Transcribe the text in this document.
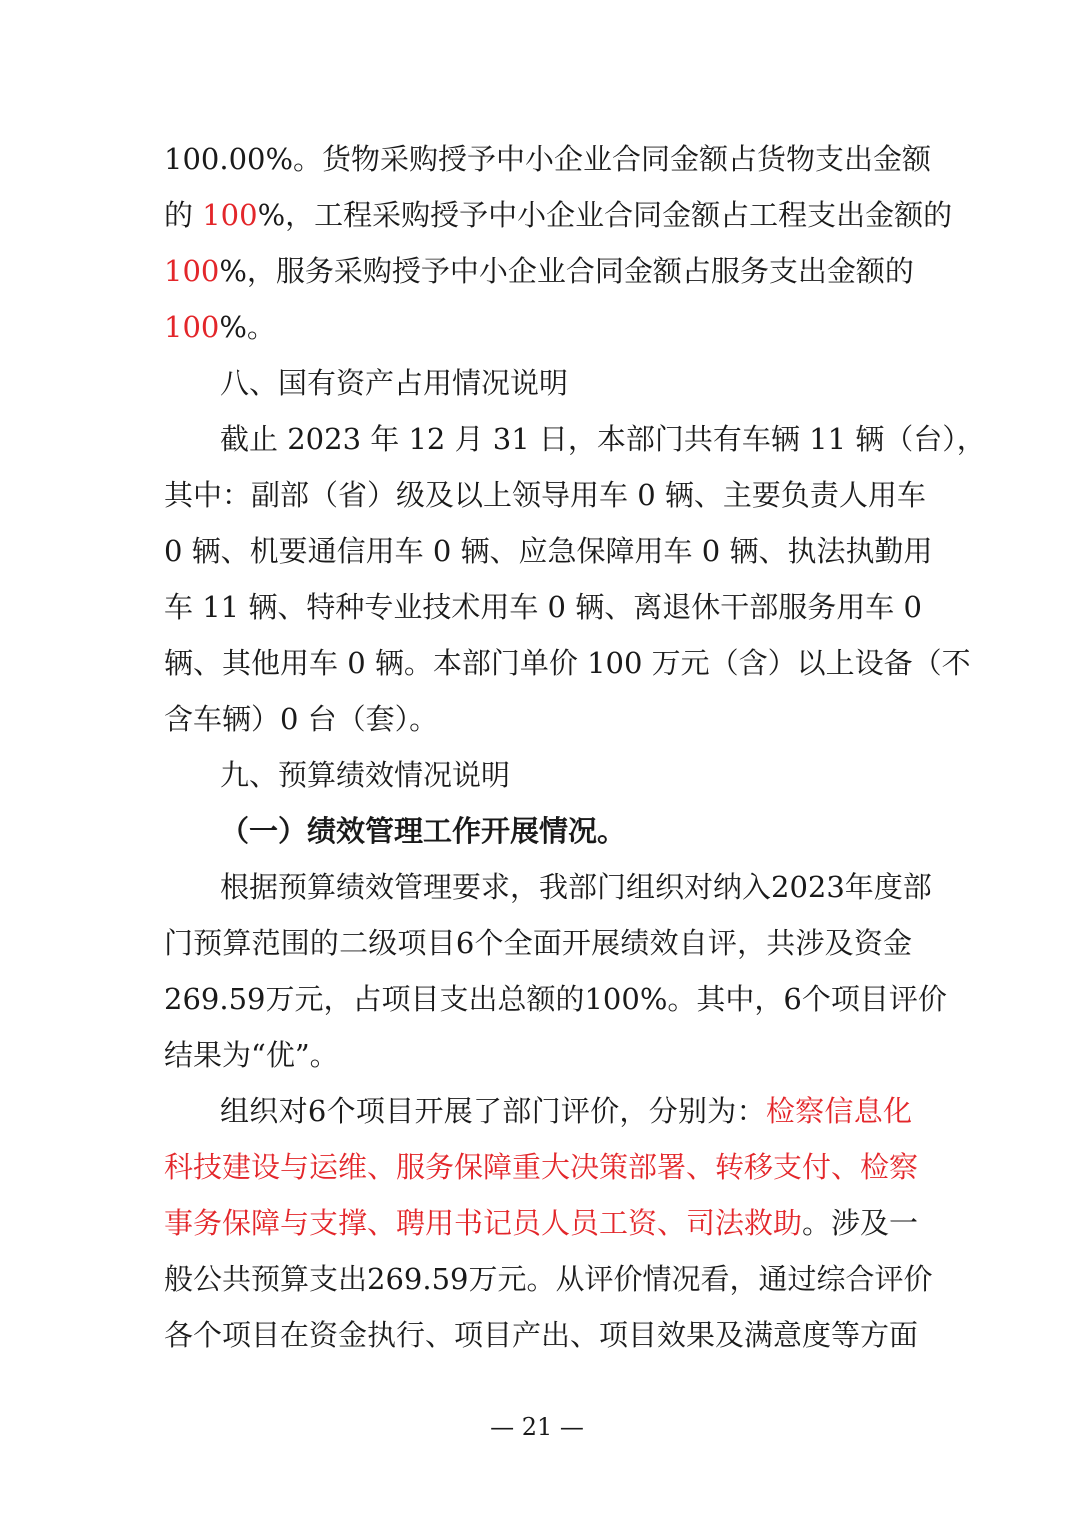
100.00%。货物采购授予中小企业合同金额占货物支出金额
的 100%，工程采购授予中小企业合同金额占工程支出金额的
100%，服务采购授予中小企业合同金额占服务支出金额的
100%。
八、国有资产占用情况说明
截止 2023 年 12 月 31 日，本部门共有车辆 11 辆（台），
其中：副部（省）级及以上领导用车 0 辆、主要负责人用车
0 辆、机要通信用车 0 辆、应急保障用车 0 辆、执法执勤用
车 11 辆、特种专业技术用车 0 辆、离退休干部服务用车 0
辆、其他用车 0 辆。本部门单价 100 万元（含）以上设备（不
含车辆）0 台（套）。
九、预算绩效情况说明
（一）绩效管理工作开展情况。
根据预算绩效管理要求，我部门组织对纳入2023年度部
门预算范围的二级项目6个全面开展绩效自评，共涉及资金
269.59万元，占项目支出总额的100%。其中，6个项目评价
结果为“优”。
组织对6个项目开展了部门评价，分别为：检察信息化
科技建设与运维、服务保障重大决策部署、转移支付、检察
事务保障与支撑、聘用书记员人员工资、司法救助。涉及一
般公共预算支出269.59万元。从评价情况看，通过综合评价
各个项目在资金执行、项目产出、项目效果及满意度等方面
— 21 —
